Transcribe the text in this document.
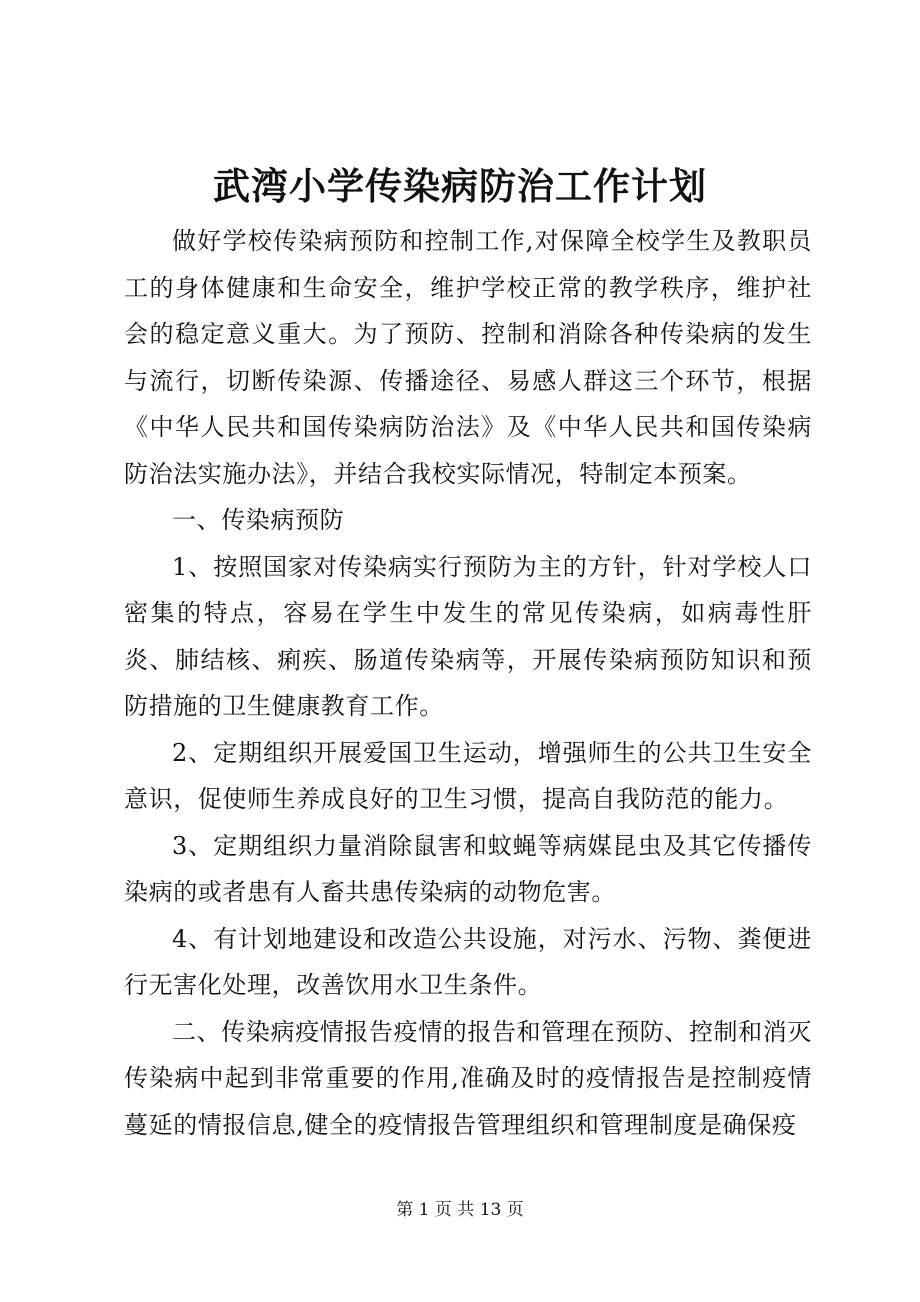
武湾小学传染病防治工作计划

做好学校传染病预防和控制工作,对保障全校学生及教职员工的身体健康和生命安全，维护学校正常的教学秩序，维护社会的稳定意义重大。为了预防、控制和消除各种传染病的发生与流行，切断传染源、传播途径、易感人群这三个环节，根据《中华人民共和国传染病防治法》及《中华人民共和国传染病防治法实施办法》，并结合我校实际情况，特制定本预案。

一、传染病预防

1、按照国家对传染病实行预防为主的方针，针对学校人口密集的特点，容易在学生中发生的常见传染病，如病毒性肝炎、肺结核、痢疾、肠道传染病等，开展传染病预防知识和预防措施的卫生健康教育工作。

2、定期组织开展爱国卫生运动，增强师生的公共卫生安全意识，促使师生养成良好的卫生习惯，提高自我防范的能力。

3、定期组织力量消除鼠害和蚊蝇等病媒昆虫及其它传播传染病的或者患有人畜共患传染病的动物危害。

4、有计划地建设和改造公共设施，对污水、污物、粪便进行无害化处理，改善饮用水卫生条件。

二、传染病疫情报告疫情的报告和管理在预防、控制和消灭传染病中起到非常重要的作用,准确及时的疫情报告是控制疫情蔓延的情报信息,健全的疫情报告管理组织和管理制度是确保疫

第 1 页 共 13 页
